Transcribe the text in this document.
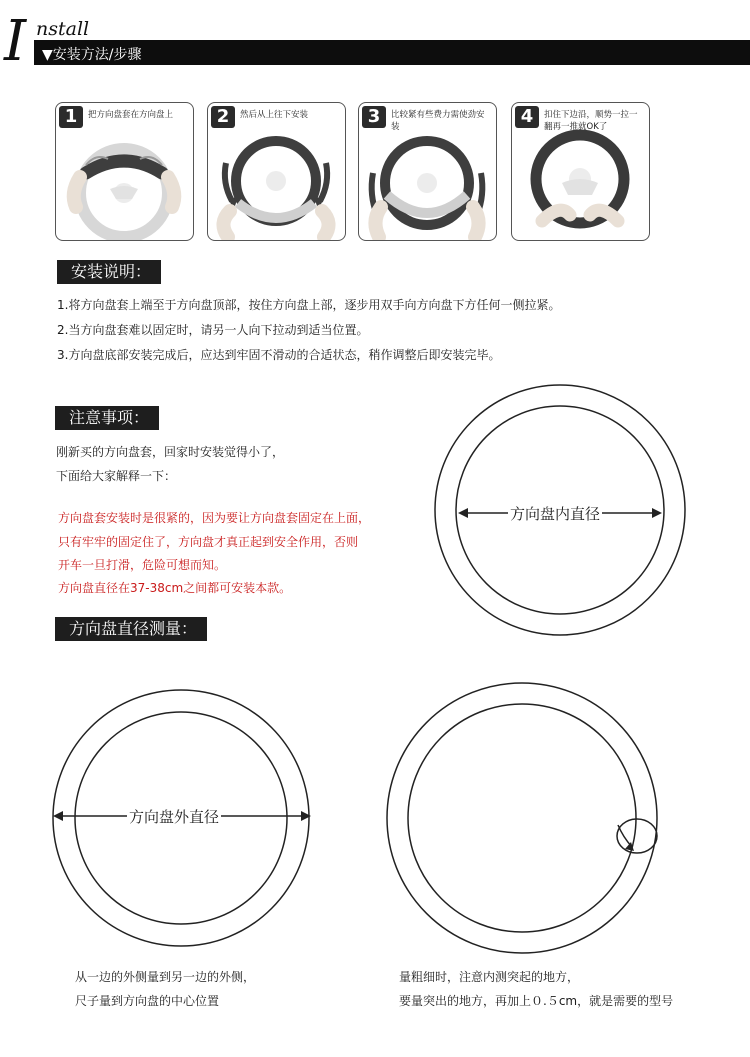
I nstall
▼安装方法/步骤
1	把方向盘套在方向盘上	2	然后从上往下安装	3	比较紧有些费力需使劲安装	4	扣住下边沿，顺势一拉一翻再一推就OK了
安装说明：
1.将方向盘套上端至于方向盘顶部，按住方向盘上部，逐步用双手向方向盘下方任何一侧拉紧。
2.当方向盘套难以固定时，请另一人向下拉动到适当位置。
3.方向盘底部安装完成后，应达到牢固不滑动的合适状态，稍作调整后即安装完毕。
注意事项：
刚新买的方向盘套，回家时安装觉得小了，
下面给大家解释一下：
方向盘套安装时是很紧的，因为要让方向盘套固定在上面，
只有牢牢的固定住了，方向盘才真正起到安全作用，否则
开车一旦打滑，危险可想而知。
方向盘直径在37-38cm之间都可安装本款。
方向盘内直径
方向盘直径测量：
方向盘外直径
从一边的外侧量到另一边的外侧，
尺子量到方向盘的中心位置
量粗细时，注意内测突起的地方，
要量突出的地方，再加上０.５cm，就是需要的型号
